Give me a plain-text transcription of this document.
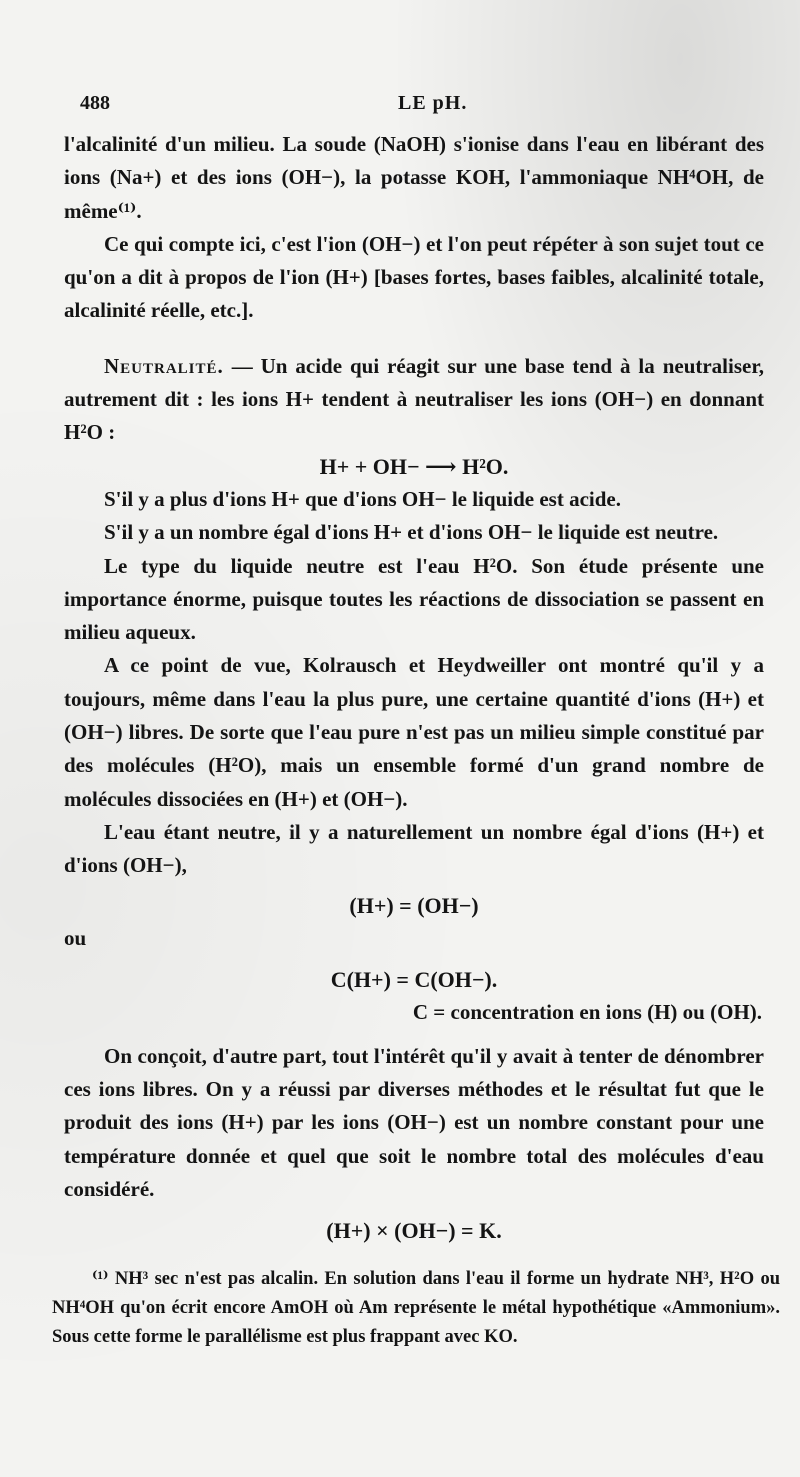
488	LE pH.

l'alcalinité d'un milieu. La soude (NaOH) s'ionise dans l'eau en libérant des ions (Na+) et des ions (OH−), la potasse KOH, l'ammoniaque NH⁴OH, de même⁽¹⁾.

Ce qui compte ici, c'est l'ion (OH−) et l'on peut répéter à son sujet tout ce qu'on a dit à propos de l'ion (H+) [bases fortes, bases faibles, alcalinité totale, alcalinité réelle, etc.].

Neutralité. — Un acide qui réagit sur une base tend à la neutraliser, autrement dit : les ions H+ tendent à neutraliser les ions (OH−) en donnant H²O :

H+ + OH− ⟶ H²O.

S'il y a plus d'ions H+ que d'ions OH− le liquide est acide.

S'il y a un nombre égal d'ions H+ et d'ions OH− le liquide est neutre.

Le type du liquide neutre est l'eau H²O. Son étude présente une importance énorme, puisque toutes les réactions de dissociation se passent en milieu aqueux.

A ce point de vue, Kolrausch et Heydweiller ont montré qu'il y a toujours, même dans l'eau la plus pure, une certaine quantité d'ions (H+) et (OH−) libres. De sorte que l'eau pure n'est pas un milieu simple constitué par des molécules (H²O), mais un ensemble formé d'un grand nombre de molécules dissociées en (H+) et (OH−).

L'eau étant neutre, il y a naturellement un nombre égal d'ions (H+) et d'ions (OH−),

(H+) = (OH−)

ou

C(H+) = C(OH−).

C = concentration en ions (H) ou (OH).

On conçoit, d'autre part, tout l'intérêt qu'il y avait à tenter de dénombrer ces ions libres. On y a réussi par diverses méthodes et le résultat fut que le produit des ions (H+) par les ions (OH−) est un nombre constant pour une température donnée et quel que soit le nombre total des molécules d'eau considéré.

(H+) × (OH−) = K.

⁽¹⁾ NH³ sec n'est pas alcalin. En solution dans l'eau il forme un hydrate NH³, H²O ou NH⁴OH qu'on écrit encore AmOH où Am représente le métal hypothétique «Ammonium». Sous cette forme le parallélisme est plus frappant avec KO.
